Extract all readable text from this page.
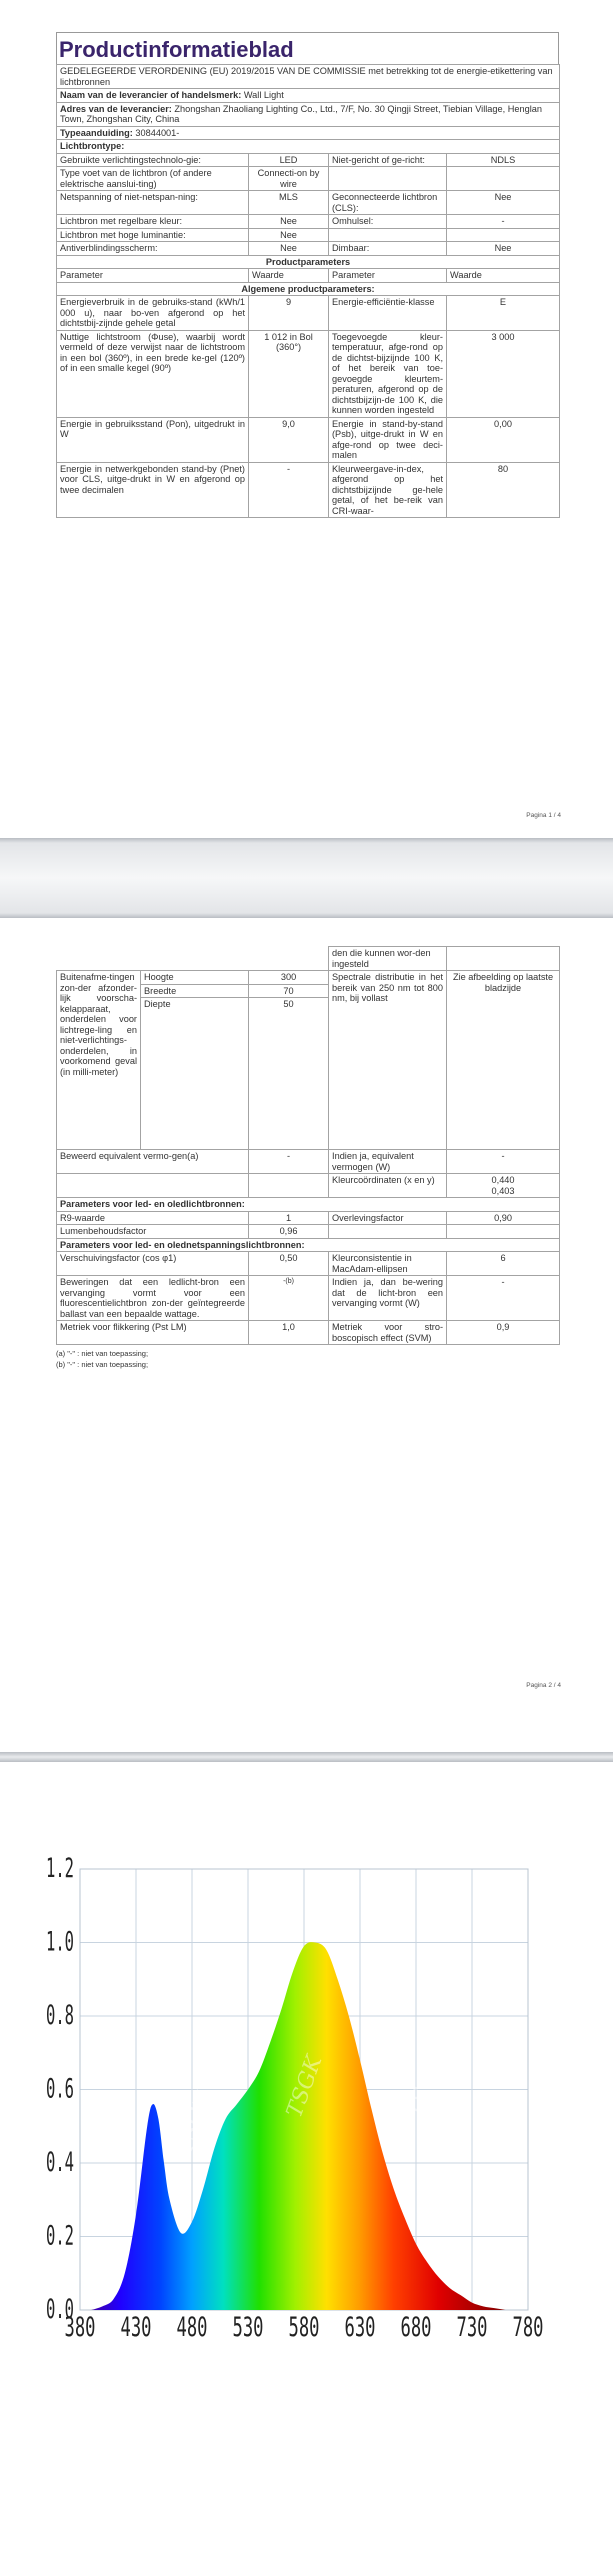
Productinformatieblad
GEDELEGEERDE VERORDENING (EU) 2019/2015 VAN DE COMMISSIE met betrekking tot de energie-etikettering van lichtbronnen			
Naam van de leverancier of handelsmerk: Wall Light			
Adres van de leverancier: Zhongshan Zhaoliang Lighting Co., Ltd., 7/F, No. 30 Qingji Street, Tiebian Village, Henglan Town, Zhongshan City, China			
Typeaanduiding: 30844001-			
Lichtbrontype:			
Gebruikte verlichtingstechnolo-gie:	LED	Niet-gericht of ge-richt:	NDLS
Type voet van de lichtbron (of andere elektrische aanslui-ting)	Connecti-on by wire		
Netspanning of niet-netspan-ning:	MLS	Geconnecteerde lichtbron (CLS):	Nee
Lichtbron met regelbare kleur:	Nee	Omhulsel:	-
Lichtbron met hoge luminantie:	Nee		
Antiverblindingsscherm:	Nee	Dimbaar:	Nee
Productparameters			
Parameter	Waarde	Parameter	Waarde
Algemene productparameters:			
Energieverbruik in de gebruiks-stand (kWh/1 000 u), naar bo-ven afgerond op het dichtstbij-zijnde gehele getal	9	Energie-efficiëntie-klasse	E
Nuttige lichtstroom (Φuse), waarbij wordt vermeld of deze verwijst naar de lichtstroom in een bol (360º), in een brede ke-gel (120º) of in een smalle kegel (90º)	1 012 in Bol (360°)	Toegevoegde kleur-temperatuur, afge-rond op de dichtst-bijzijnde 100 K, of het bereik van toe-gevoegde kleurtem-peraturen, afgerond op de dichtstbijzijn-de 100 K, die kunnen worden ingesteld	3 000
Energie in gebruiksstand (Pon), uitgedrukt in W	9,0	Energie in stand-by-stand (Psb), uitge-drukt in W en afge-rond op twee deci-malen	0,00
Energie in netwerkgebonden stand-by (Pnet) voor CLS, uitge-drukt in W en afgerond op twee decimalen	-	Kleurweergave-in-dex, afgerond op het dichtstbijzijnde ge-hele getal, of het be-reik van CRI-waar-	80
Pagina 1 / 4
			den die kunnen wor-den ingesteld	
Buitenafme-tingen zon-der afzonder-lijk voorscha-kelapparaat, onderdelen voor lichtrege-ling en niet-verlichtings-onderdelen, in voorkomend geval (in milli-meter)	Hoogte	300	Spectrale distributie in het bereik van 250 nm tot 800 nm, bij vollast	Zie afbeelding op laatste bladzijde
	Breedte	70		
	Diepte	50		
Beweerd equivalent vermo-gen(a)		-	Indien ja, equivalent vermogen (W)	-
			Kleurcoördinaten (x en y)	0,440
0,403
Parameters voor led- en oledlichtbronnen:				
R9-waarde		1	Overlevingsfactor	0,90
Lumenbehoudsfactor		0,96		
Parameters voor led- en olednetspanningslichtbronnen:				
Verschuivingsfactor (cos φ1)		0,50	Kleurconsistentie in MacAdam-ellipsen	6
Beweringen dat een ledlicht-bron een vervanging vormt voor een fluorescentielichtbron zon-der geïntegreerde ballast van een bepaalde wattage.		-(b)	Indien ja, dan be-wering dat de licht-bron een vervanging vormt (W)	-
Metriek voor flikkering (Pst LM)		1,0	Metriek voor stro-boscopisch effect (SVM)	0,9
(a) "-" : niet van toepassing;
(b) "-" : niet van toepassing;
Pagina 2 / 4
TSGK
TSGK	TSGK
0.0
0.2
0.4
0.6
0.8
1.0
1.2
380 430 480 530 580 630 680 730 780
